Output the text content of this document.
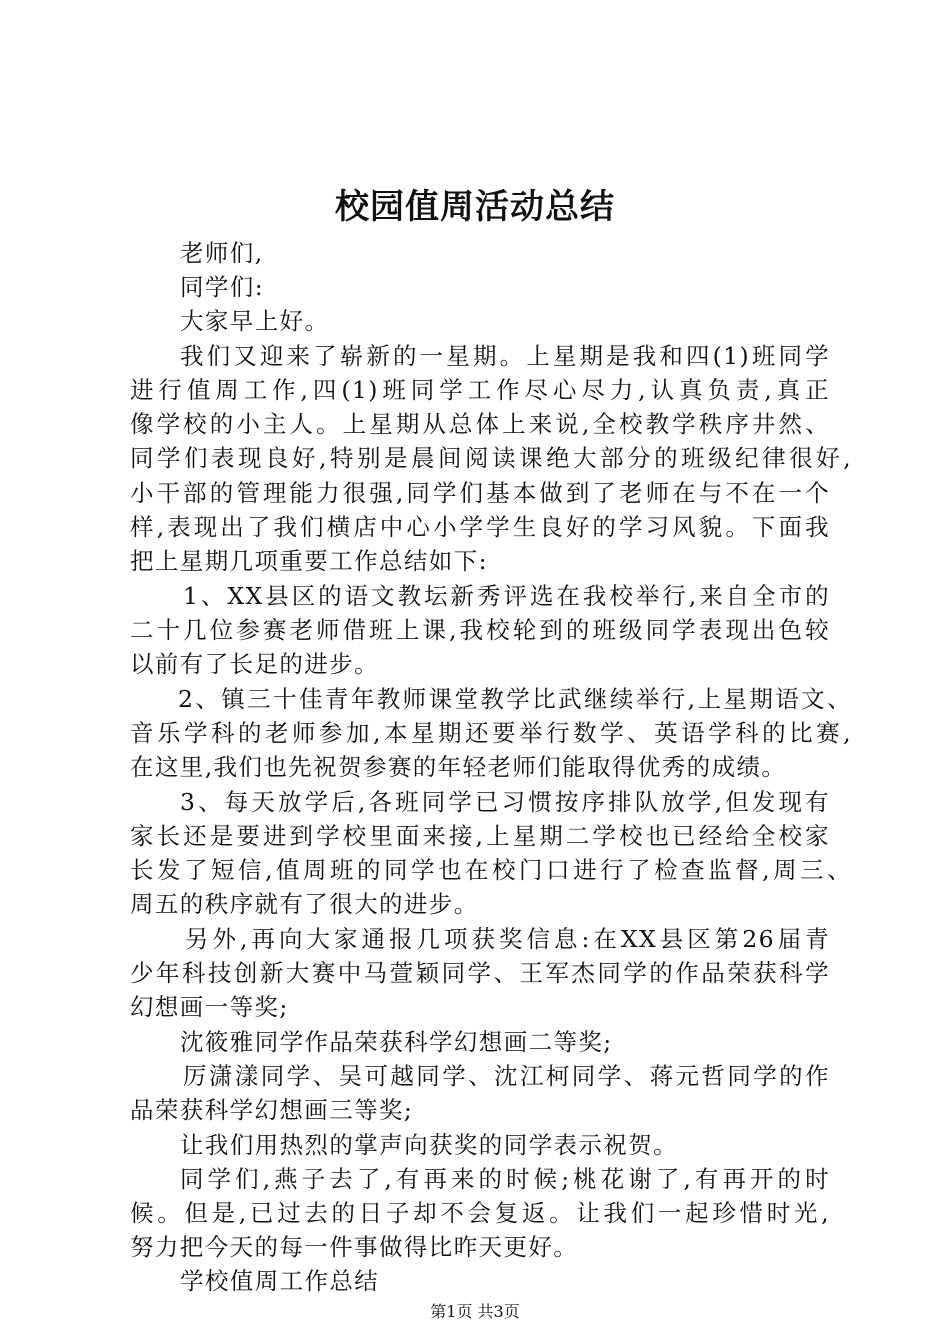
校园值周活动总结
老师们,
同学们:
大家早上好。
我们又迎来了崭新的一星期。上星期是我和四(1)班同学
进行值周工作,四(1)班同学工作尽心尽力,认真负责,真正
像学校的小主人。上星期从总体上来说,全校教学秩序井然、
同学们表现良好,特别是晨间阅读课绝大部分的班级纪律很好,
小干部的管理能力很强,同学们基本做到了老师在与不在一个
样,表现出了我们横店中心小学学生良好的学习风貌。下面我
把上星期几项重要工作总结如下:
1、XX县区的语文教坛新秀评选在我校举行,来自全市的
二十几位参赛老师借班上课,我校轮到的班级同学表现出色较
以前有了长足的进步。
2、镇三十佳青年教师课堂教学比武继续举行,上星期语文、
音乐学科的老师参加,本星期还要举行数学、英语学科的比赛,
在这里,我们也先祝贺参赛的年轻老师们能取得优秀的成绩。
3、每天放学后,各班同学已习惯按序排队放学,但发现有
家长还是要进到学校里面来接,上星期二学校也已经给全校家
长发了短信,值周班的同学也在校门口进行了检查监督,周三、
周五的秩序就有了很大的进步。
另外,再向大家通报几项获奖信息:在XX县区第26届青
少年科技创新大赛中马萱颖同学、王军杰同学的作品荣获科学
幻想画一等奖;
沈筱雅同学作品荣获科学幻想画二等奖;
厉潇漾同学、吴可越同学、沈江柯同学、蒋元哲同学的作
品荣获科学幻想画三等奖;
让我们用热烈的掌声向获奖的同学表示祝贺。
同学们,燕子去了,有再来的时候;桃花谢了,有再开的时
候。但是,已过去的日子却不会复返。让我们一起珍惜时光,
努力把今天的每一件事做得比昨天更好。
学校值周工作总结
第1页 共3页
